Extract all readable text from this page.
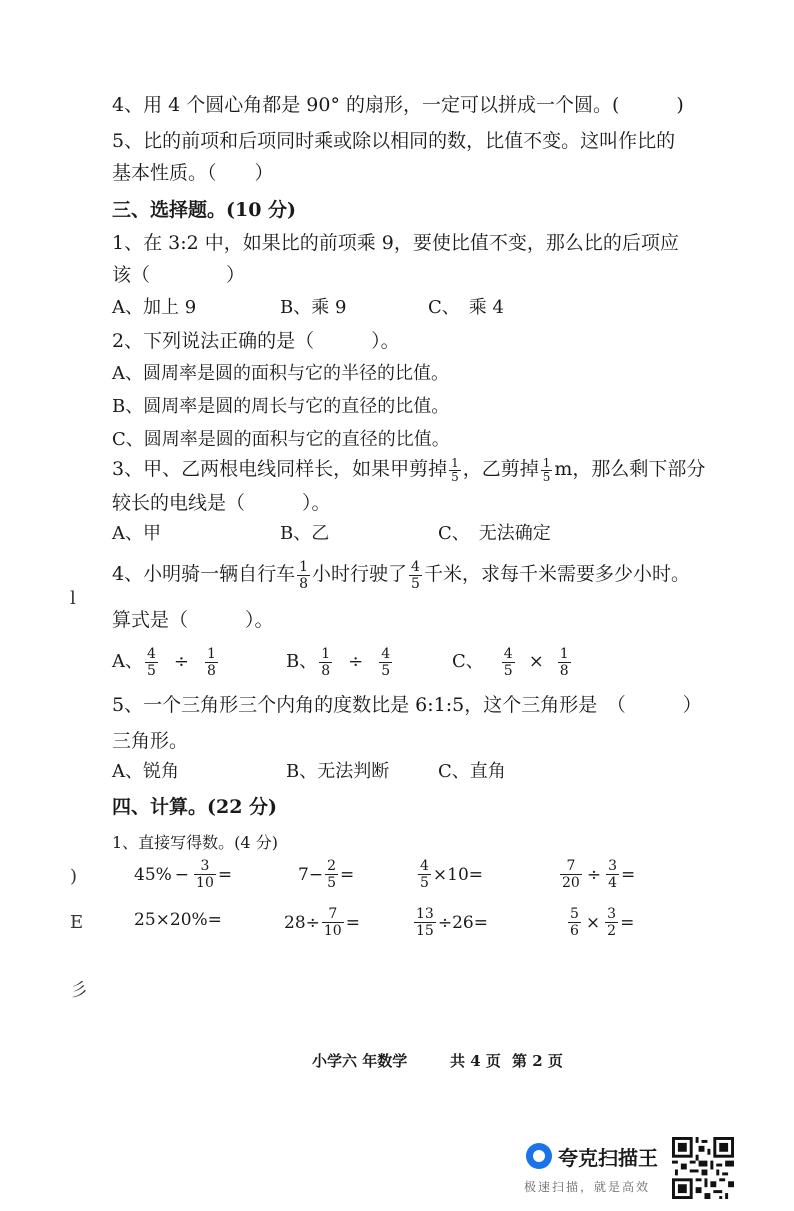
4、用 4 个圆心角都是 90° 的扇形，一定可以拼成一个圆。(　　　)
5、比的前项和后项同时乘或除以相同的数，比值不变。这叫作比的
基本性质。（　　）
三、选择题。(10 分)
1、在 3:2 中，如果比的前项乘 9，要使比值不变，那么比的后项应
该（　　　　）
A、加上 9	B、乘 9	C、　乘 4
2、下列说法正确的是（　　　）。
A、圆周率是圆的面积与它的半径的比值。
B、圆周率是圆的周长与它的直径的比值。
C、圆周率是圆的面积与它的直径的比值。
3、甲、乙两根电线同样长，如果甲剪掉 $\frac{1}{5}$ ，乙剪掉 $\frac{1}{5}$ m，那么剩下部分
较长的电线是（　　　）。
A、甲	B、乙	C、　无法确定
4、小明骑一辆自行车 $\frac{1}{8}$ 小时行驶了 $\frac{4}{5}$ 千米，求每千米需要多少小时。
算式是（　　　）。
A、 $\frac{4}{5} \div \frac{1}{8}$	B、 $\frac{1}{8} \div \frac{4}{5}$	C、 $\frac{4}{5} \times \frac{1}{8}$
5、一个三角形三个内角的度数比是 6:1:5，这个三角形是　（　　　）
三角形。
A、锐角	B、无法判断	C、直角
四、计算。(22 分)
1、直接写得数。(4 分)
$45\% - \frac{3}{10}$ =	$7- \frac{2}{5}$ =	$\frac{4}{5} \times 10=$	$\frac{7}{20} \div \frac{3}{4}$ =
25×20%=	$28\div \frac{7}{10}$ =	$\frac{13}{15} \div 26=$	$\frac{5}{6} \times \frac{3}{2}$ =
l
)
E
彡
小学六 年数学	共 4 页 第 2 页
夸克扫描王
极速扫描，就是高效
